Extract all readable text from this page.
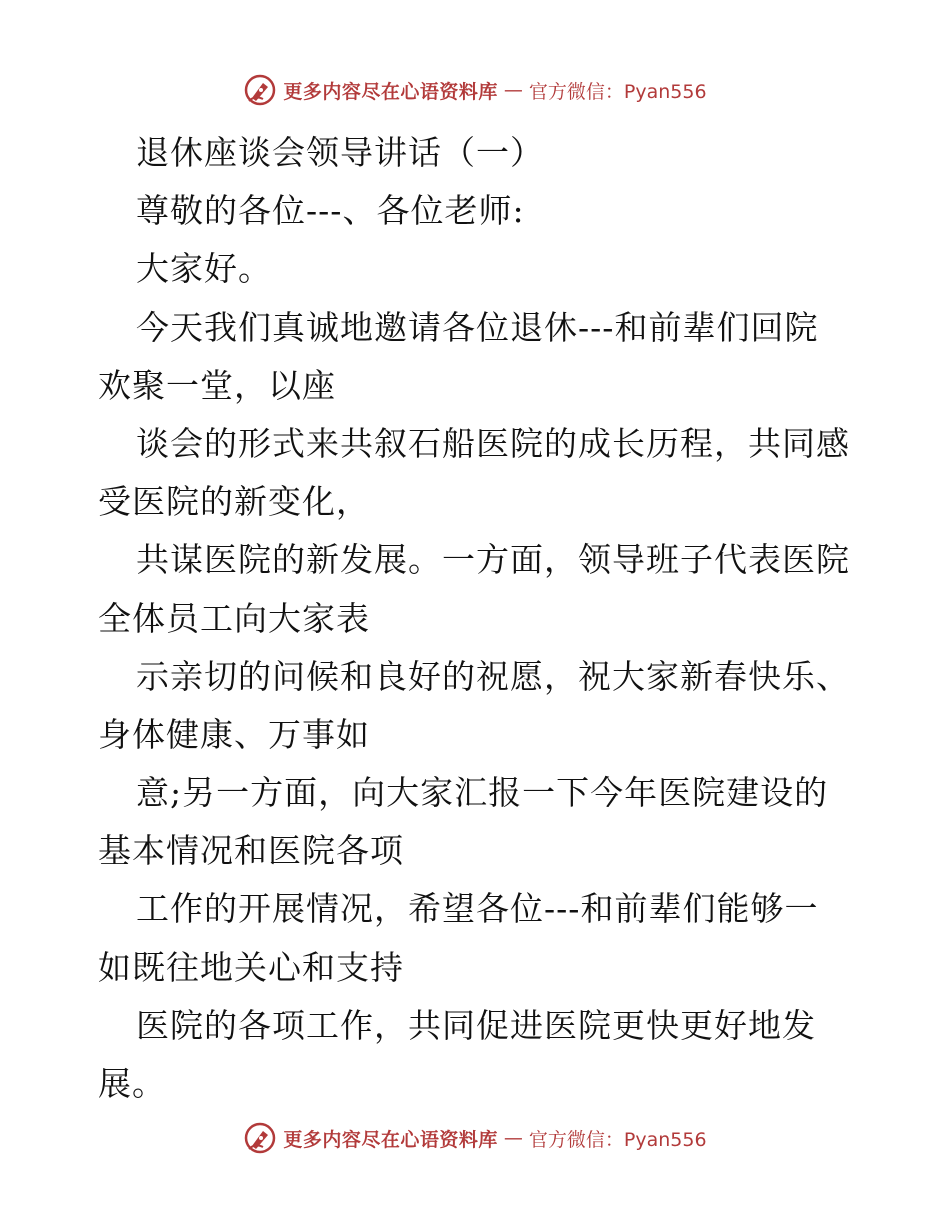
更多内容尽在心语资料库 — 官方微信：Pyan556
退休座谈会领导讲话（一）
尊敬的各位---、各位老师:
大家好。
今天我们真诚地邀请各位退休---和前辈们回院
欢聚一堂，以座
谈会的形式来共叙石船医院的成长历程，共同感
受医院的新变化，
共谋医院的新发展。一方面，领导班子代表医院
全体员工向大家表
示亲切的问候和良好的祝愿，祝大家新春快乐、
身体健康、万事如
意;另一方面，向大家汇报一下今年医院建设的
基本情况和医院各项
工作的开展情况，希望各位---和前辈们能够一
如既往地关心和支持
医院的各项工作，共同促进医院更快更好地发
展。
更多内容尽在心语资料库 — 官方微信：Pyan556
